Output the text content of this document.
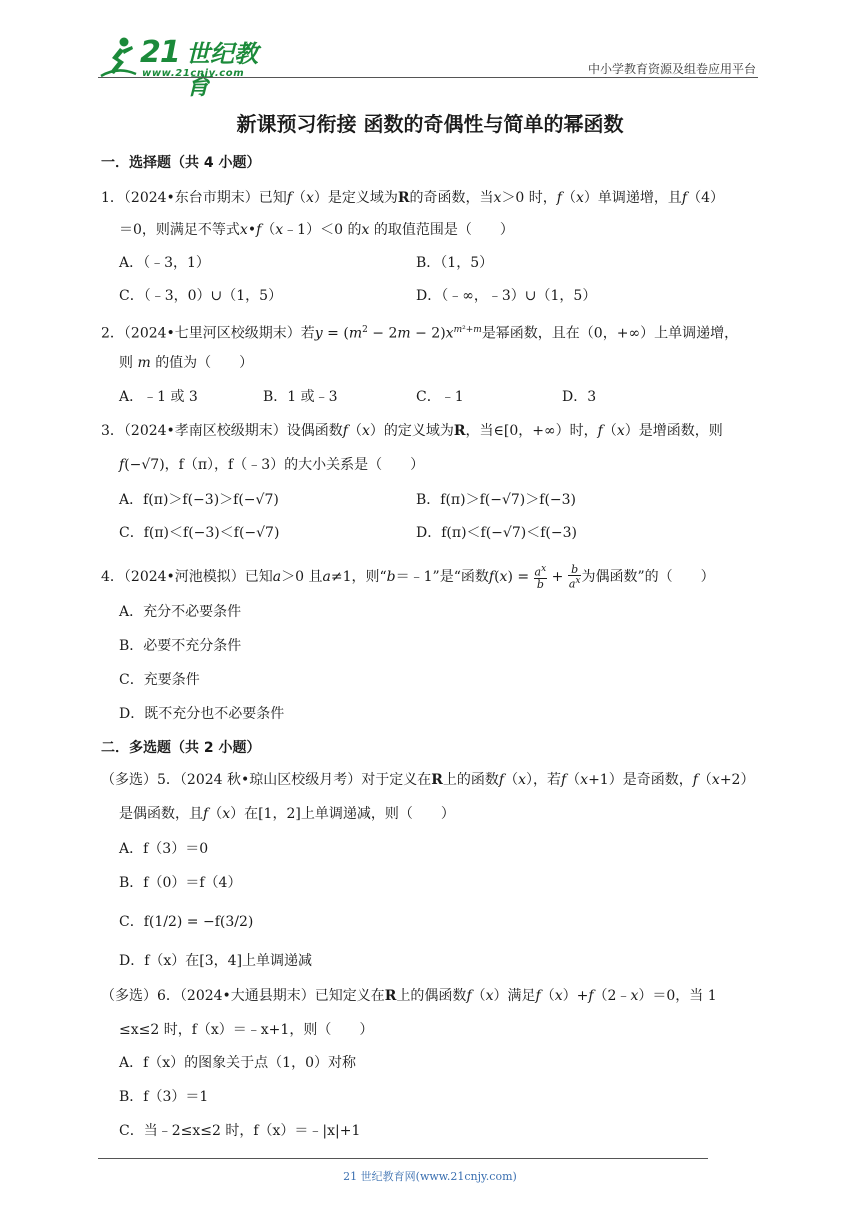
21 世纪教育
www.21cnjy.com	中小学教育资源及组卷应用平台
新课预习衔接 函数的奇偶性与简单的幂函数
一．选择题（共 4 小题）
1．（2024•东台市期末）已知f（x）是定义域为R的奇函数，当x＞0 时，f（x）单调递增，且f（4）
＝0，则满足不等式x•f（x﹣1）＜0 的x 的取值范围是（　　）
A．（﹣3，1）	B．（1，5）
C．（﹣3，0）∪（1，5）	D．（﹣∞，﹣3）∪（1，5）
2．（2024•七里河区校级期末）若$y = (m^2 - 2m - 2)x^{m^2+m}$是幂函数，且在（0，+∞）上单调递增，
则 m 的值为（　　）
A．﹣1 或 3	B．1 或﹣3	C．﹣1	D．3
3．（2024•孝南区校级期末）设偶函数f（x）的定义域为R，当∈[0，+∞）时，f（x）是增函数，则
f(−√7)，f（π），f（﹣3）的大小关系是（　　）
A．f(π)＞f(−3)＞f(−√7)	B．f(π)＞f(−√7)＞f(−3)
C．f(π)＜f(−3)＜f(−√7)	D．f(π)＜f(−√7)＜f(−3)
4．（2024•河池模拟）已知a＞0 且a≠1，则“b＝﹣1”是“函数$f(x) = \frac{a^x}{b} + \frac{b}{a^x}$ 为偶函数”的（　　）
A．充分不必要条件
B．必要不充分条件
C．充要条件
D．既不充分也不必要条件
二．多选题（共 2 小题）
（多选）5．（2024 秋•琼山区校级月考）对于定义在R上的函数f（x），若f（x+1）是奇函数，f（x+2）
是偶函数，且f（x）在[1，2]上单调递减，则（　　）
A．f（3）＝0
B．f（0）＝f（4）
C．f(1/2) = −f(3/2)
D．f（x）在[3，4]上单调递减
（多选）6．（2024•大通县期末）已知定义在R上的偶函数f（x）满足f（x）+f（2﹣x）＝0，当 1
≤x≤2 时，f（x）＝﹣x+1，则（　　）
A．f（x）的图象关于点（1，0）对称
B．f（3）＝1
C．当﹣2≤x≤2 时，f（x）＝﹣|x|+1
21 世纪教育网(www.21cnjy.com)
